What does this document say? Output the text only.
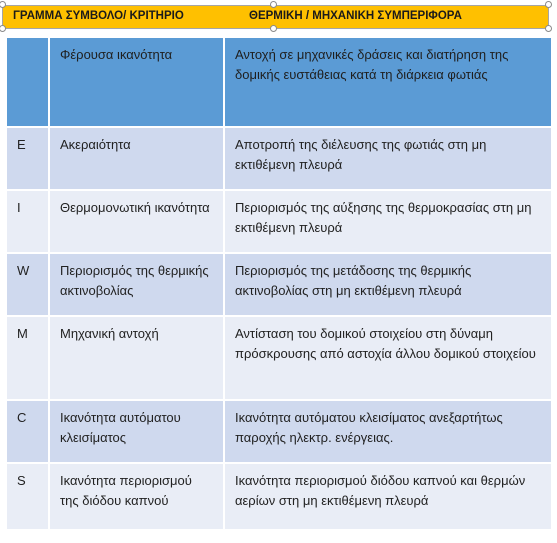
ΓΡΑΜΜΑ ΣΥΜΒΟΛΟ/ ΚΡΙΤΗΡΙΟ	ΘΕΡΜΙΚΗ / ΜΗΧΑΝΙΚΗ ΣΥΜΠΕΡΙΦΟΡΑ
	Φέρουσα ικανότητα	Αντοχή σε μηχανικές δράσεις και διατήρηση της δομικής ευστάθειας κατά τη διάρκεια φωτιάς
E	Ακεραιότητα	Αποτροπή της διέλευσης της φωτιάς στη μη εκτιθέμενη πλευρά
I	Θερμομονωτική ικανότητα	Περιορισμός της αύξησης της θερμοκρασίας στη μη εκτιθέμενη πλευρά
W	Περιορισμός της θερμικής ακτινοβολίας	Περιορισμός της μετάδοσης της θερμικής ακτινοβολίας στη μη εκτιθέμενη πλευρά
M	Μηχανική αντοχή	Αντίσταση του δομικού στοιχείου στη δύναμη πρόσκρουσης από αστοχία άλλου δομικού στοιχείου
C	Ικανότητα αυτόματου κλεισίματος	Ικανότητα αυτόματου κλεισίματος ανεξαρτήτως παροχής ηλεκτρ. ενέργειας.
S	Ικανότητα περιορισμού της διόδου καπνού	Ικανότητα περιορισμού διόδου καπνού και θερμών αερίων στη μη εκτιθέμενη πλευρά
